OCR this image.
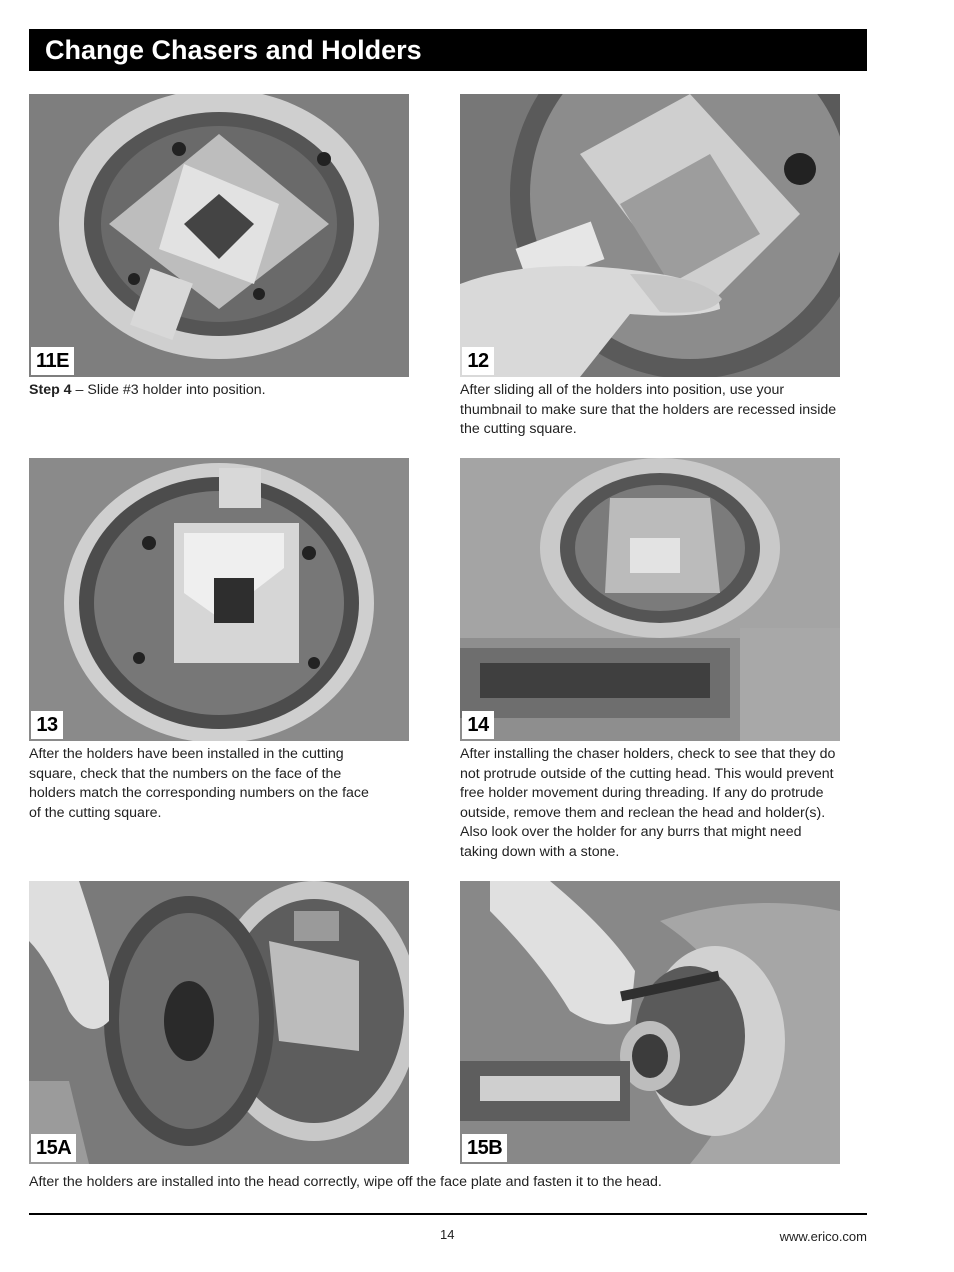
Change Chasers and Holders
11E
Step 4 – Slide #3 holder into position.
12
After sliding all of the holders into position, use your thumbnail to make sure that the holders are recessed inside the cutting square.
13
After the holders have been installed in the cutting square, check that the numbers on the face of the holders match the corresponding numbers on the face of the cutting square.
14
After installing the chaser holders, check to see that they do not protrude outside of the cutting head. This would prevent free holder movement during threading. If any do protrude outside, remove them and reclean the head and holder(s). Also look over the holder for any burrs that might need taking down with a stone.
15A	15B
After the holders are installed into the head correctly, wipe off the face plate and fasten it to the head.
14	www.erico.com
